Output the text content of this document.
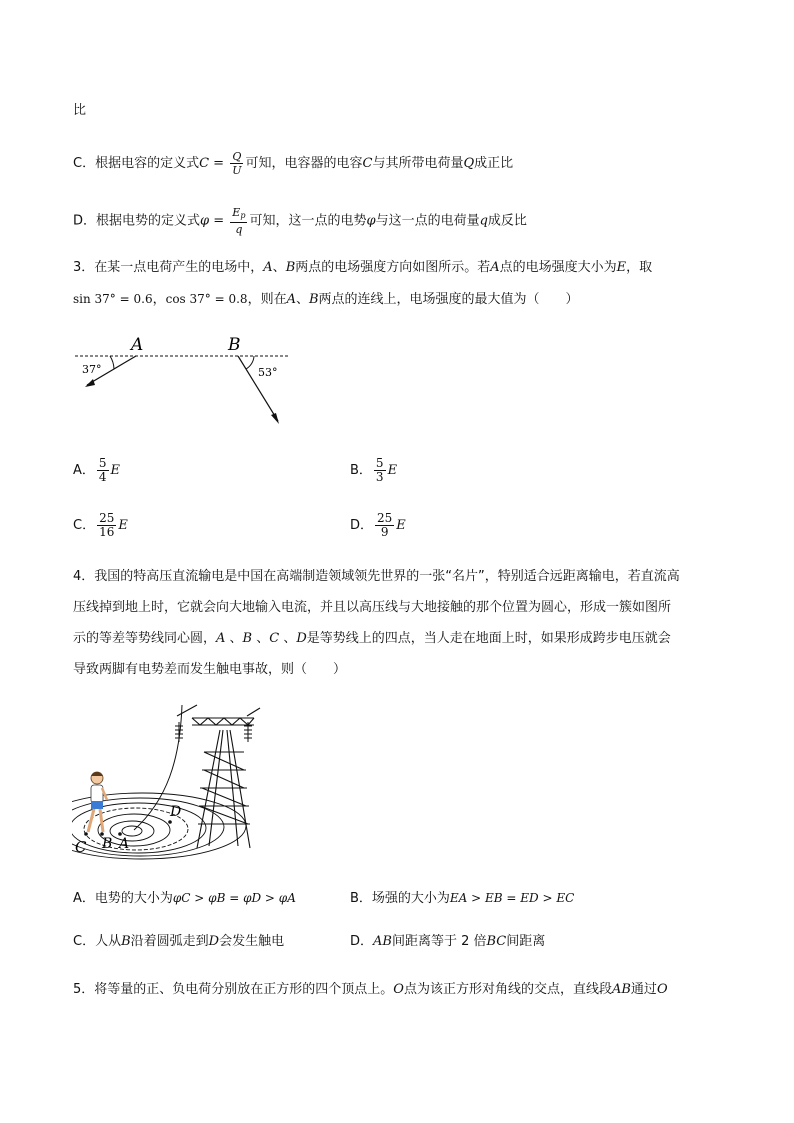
比
C．根据电容的定义式$C = \frac{Q}{U}$ 可知，电容器的电容C与其所带电荷量Q成正比
D．根据电势的定义式$\varphi = \frac{E_p}{q}$ 可知，这一点的电势φ与这一点的电荷量q成反比
3．在某一点电荷产生的电场中，A、B两点的电场强度方向如图所示。若A点的电场强度大小为E，取
sin 37° = 0.6，cos 37° = 0.8，则在A、B两点的连线上，电场强度的最大值为（　　）
A	B
37°	53°
A． $\frac{5}{4}$ E	B． $\frac{5}{3}$ E
C． $\frac{25}{16}$ E	D． $\frac{25}{9}$ E
4．我国的特高压直流输电是中国在高端制造领域领先世界的一张“名片”，特别适合远距离输电，若直流高
压线掉到地上时，它就会向大地输入电流，并且以高压线与大地接触的那个位置为圆心，形成一簇如图所
示的等差等势线同心圆，A 、B 、C 、D是等势线上的四点，当人走在地面上时，如果形成跨步电压就会
导致两脚有电势差而发生触电事故，则（　　）
C B A
D
A．电势的大小为φC > φB = φD > φA	B．场强的大小为EA > EB = ED > EC
C．人从B沿着圆弧走到D会发生触电	D．AB间距离等于 2 倍BC间距离
5．将等量的正、负电荷分别放在正方形的四个顶点上。O点为该正方形对角线的交点，直线段AB通过O
